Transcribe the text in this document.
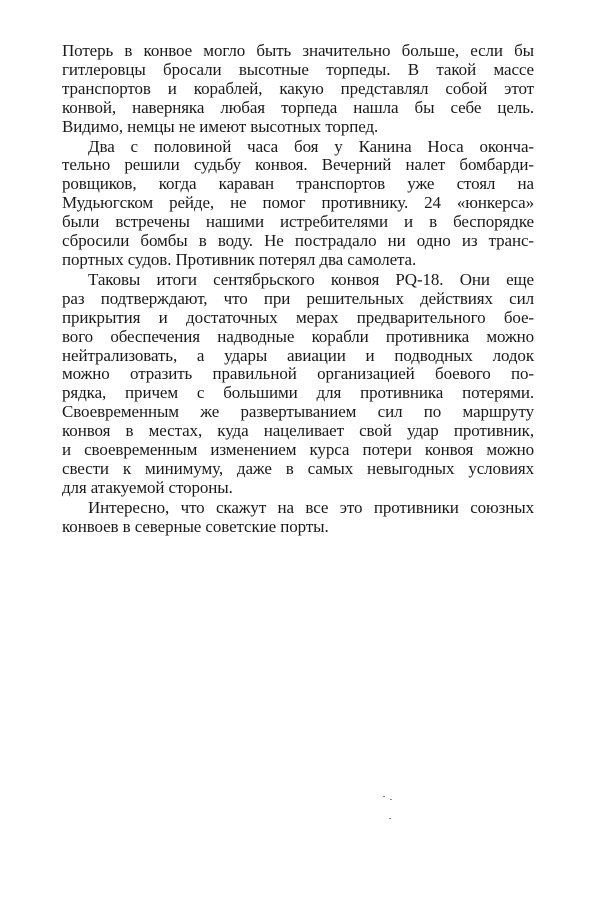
Потерь в конвое могло быть значительно больше, если бы
гитлеровцы бросали высотные торпеды. В такой массе
транспортов и кораблей, какую представлял собой этот
конвой, наверняка любая торпеда нашла бы себе цель.
Видимо, немцы не имеют высотных торпед.

Два с половиной часа боя у Канина Носа оконча-
тельно решили судьбу конвоя. Вечерний налет бомбарди-
ровщиков, когда караван транспортов уже стоял на
Мудьюгском рейде, не помог противнику. 24 «юнкерса»
были встречены нашими истребителями и в беспорядке
сбросили бомбы в воду. Не пострадало ни одно из транс-
портных судов. Противник потерял два самолета.

Таковы итоги сентябрьского конвоя PQ-18. Они еще
раз подтверждают, что при решительных действиях сил
прикрытия и достаточных мерах предварительного бое-
вого обеспечения надводные корабли противника можно
нейтрализовать, а удары авиации и подводных лодок
можно отразить правильной организацией боевого по-
рядка, причем с большими для противника потерями.
Своевременным же развертыванием сил по маршруту
конвоя в местах, куда нацеливает свой удар противник,
и своевременным изменением курса потери конвоя можно
свести к минимуму, даже в самых невыгодных условиях
для атакуемой стороны.

Интересно, что скажут на все это противники союзных
конвоев в северные советские порты.
